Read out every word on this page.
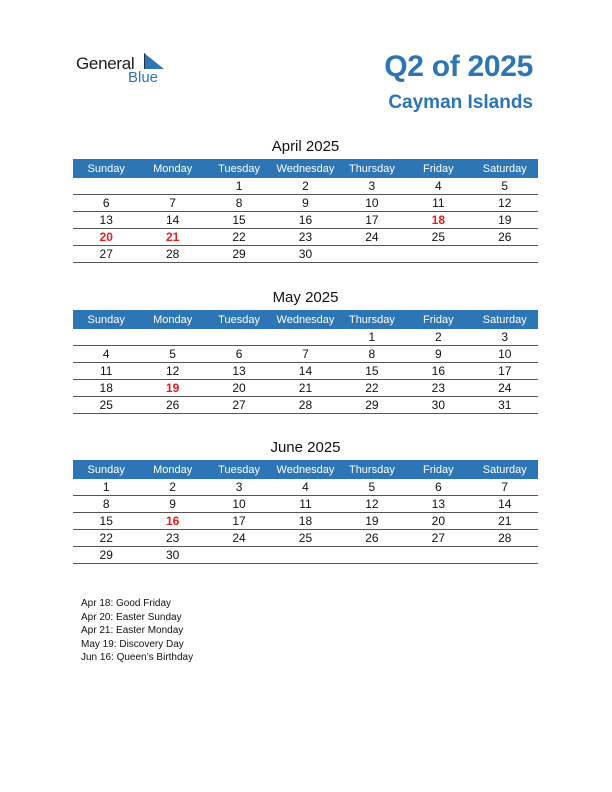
General
Blue	Q2 of 2025
Cayman Islands
April 2025
Sunday	Monday	Tuesday	Wednesday	Thursday	Friday	Saturday
		1	2	3	4	5
6	7	8	9	10	11	12
13	14	15	16	17	18	19
20	21	22	23	24	25	26
27	28	29	30			
May 2025
Sunday	Monday	Tuesday	Wednesday	Thursday	Friday	Saturday
				1	2	3
4	5	6	7	8	9	10
11	12	13	14	15	16	17
18	19	20	21	22	23	24
25	26	27	28	29	30	31
June 2025
Sunday	Monday	Tuesday	Wednesday	Thursday	Friday	Saturday
1	2	3	4	5	6	7
8	9	10	11	12	13	14
15	16	17	18	19	20	21
22	23	24	25	26	27	28
29	30					
Apr 18: Good Friday
Apr 20: Easter Sunday
Apr 21: Easter Monday
May 19: Discovery Day
Jun 16: Queen’s Birthday
